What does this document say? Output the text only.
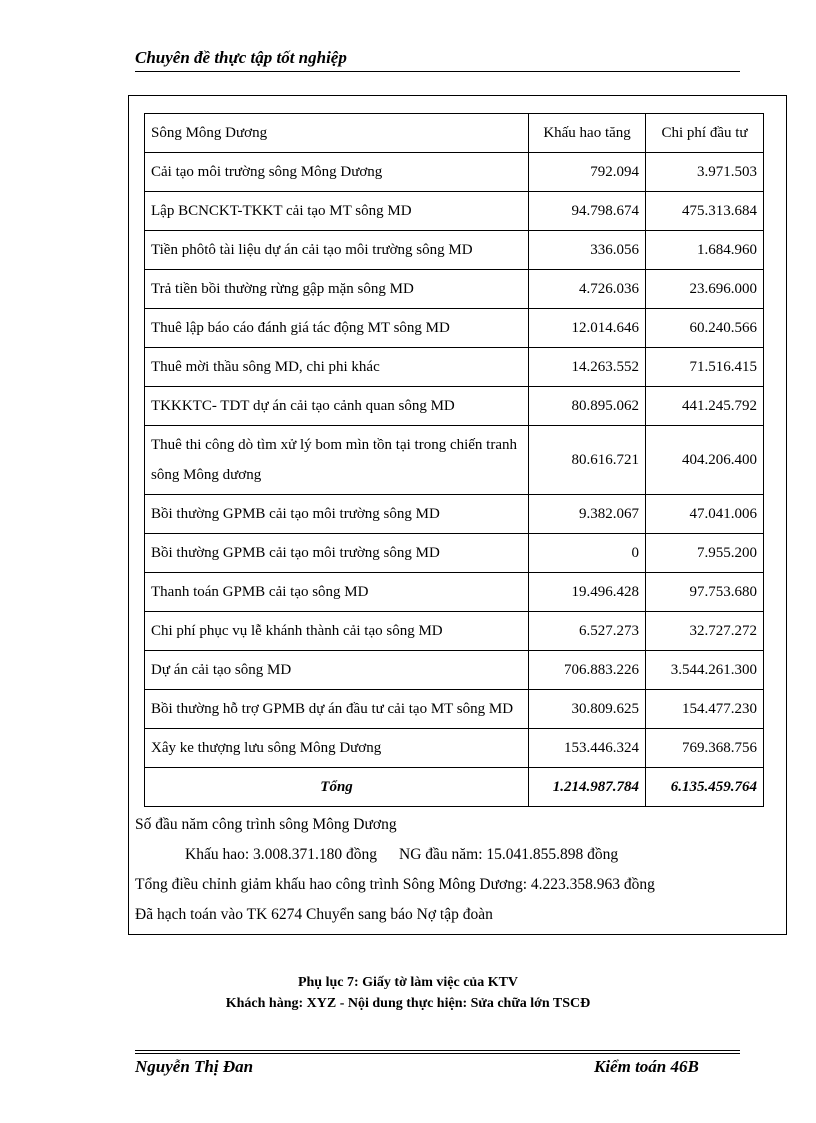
Chuyên đề thực tập tốt nghiệp
Sông Mông Dương	Khấu hao tăng	Chi phí đầu tư
Cải tạo môi trường sông Mông Dương	792.094	3.971.503
Lập BCNCKT-TKKT cải tạo MT sông MD	94.798.674	475.313.684
Tiền phôtô tài liệu dự án cải tạo môi trường sông MD	336.056	1.684.960
Trả tiền bồi thường rừng gập mặn sông MD	4.726.036	23.696.000
Thuê lập báo cáo đánh giá tác động MT sông MD	12.014.646	60.240.566
Thuê mời thầu sông MD, chi phi khác	14.263.552	71.516.415
TKKKTC- TDT dự án cải tạo cảnh quan sông MD	80.895.062	441.245.792
Thuê thi công dò tìm xử lý bom mìn tồn tại trong chiến tranh sông Mông dương	80.616.721	404.206.400
Bồi thường GPMB cải tạo môi trường sông MD	9.382.067	47.041.006
Bồi thường GPMB cải tạo môi trường sông MD	0	7.955.200
Thanh toán GPMB cải tạo sông MD	19.496.428	97.753.680
Chi phí phục vụ lễ khánh thành cải tạo sông MD	6.527.273	32.727.272
Dự án cải tạo sông MD	706.883.226	3.544.261.300
Bồi thường hỗ trợ GPMB dự án đầu tư cải tạo MT sông MD	30.809.625	154.477.230
Xây ke thượng lưu sông Mông Dương	153.446.324	769.368.756
Tổng	1.214.987.784	6.135.459.764
Số đầu năm công trình sông Mông Dương
Khấu hao: 3.008.371.180 đồng NG đầu năm: 15.041.855.898 đồng
Tổng điều chỉnh giảm khấu hao công trình Sông Mông Dương: 4.223.358.963 đồng
Đã hạch toán vào TK 6274 Chuyển sang báo Nợ tập đoàn
Phụ lục 7: Giấy tờ làm việc của KTV
Khách hàng: XYZ - Nội dung thực hiện: Sửa chữa lớn TSCĐ
Nguyễn Thị Đan	Kiểm toán 46B
